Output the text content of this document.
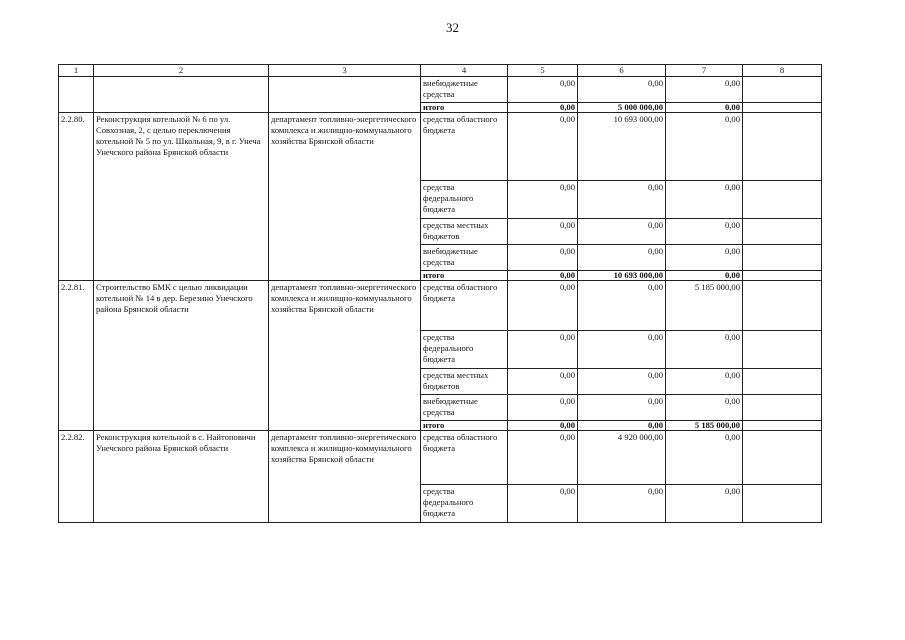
32
1	2	3	4	5	6	7	8
			внебюджетные средства	0,00	0,00	0,00	
			итого	0,00	5 000 000,00	0,00	
2.2.80.	Реконструкция котельной № 6 по ул. Совхозная, 2, с целью переключения котельной № 5 по ул. Школьная, 9, в г. Унеча Унечского района Брянской области	департамент топливно-энергетического комплекса и жилищно-коммунального хозяйства Брянской области	средства областного бюджета	0,00	10 693 000,00	0,00	
			средства федерального бюджета	0,00	0,00	0,00	
			средства местных бюджетов	0,00	0,00	0,00	
			внебюджетные средства	0,00	0,00	0,00	
			итого	0,00	10 693 000,00	0,00	
2.2.81.	Строительство БМК с целью ликвидации котельной № 14 в дер. Березино Унечского района Брянской области	департамент топливно-энергетического комплекса и жилищно-коммунального хозяйства Брянской области	средства областного бюджета	0,00	0,00	5 185 000,00	
			средства федерального бюджета	0,00	0,00	0,00	
			средства местных бюджетов	0,00	0,00	0,00	
			внебюджетные средства	0,00	0,00	0,00	
			итого	0,00	0,00	5 185 000,00	
2.2.82.	Реконструкция котельной в с. Найтоповичи Унечского района Брянской области	департамент топливно-энергетического комплекса и жилищно-коммунального хозяйства Брянской области	средства областного бюджета	0,00	4 920 000,00	0,00	
			средства федерального бюджета	0,00	0,00	0,00	
